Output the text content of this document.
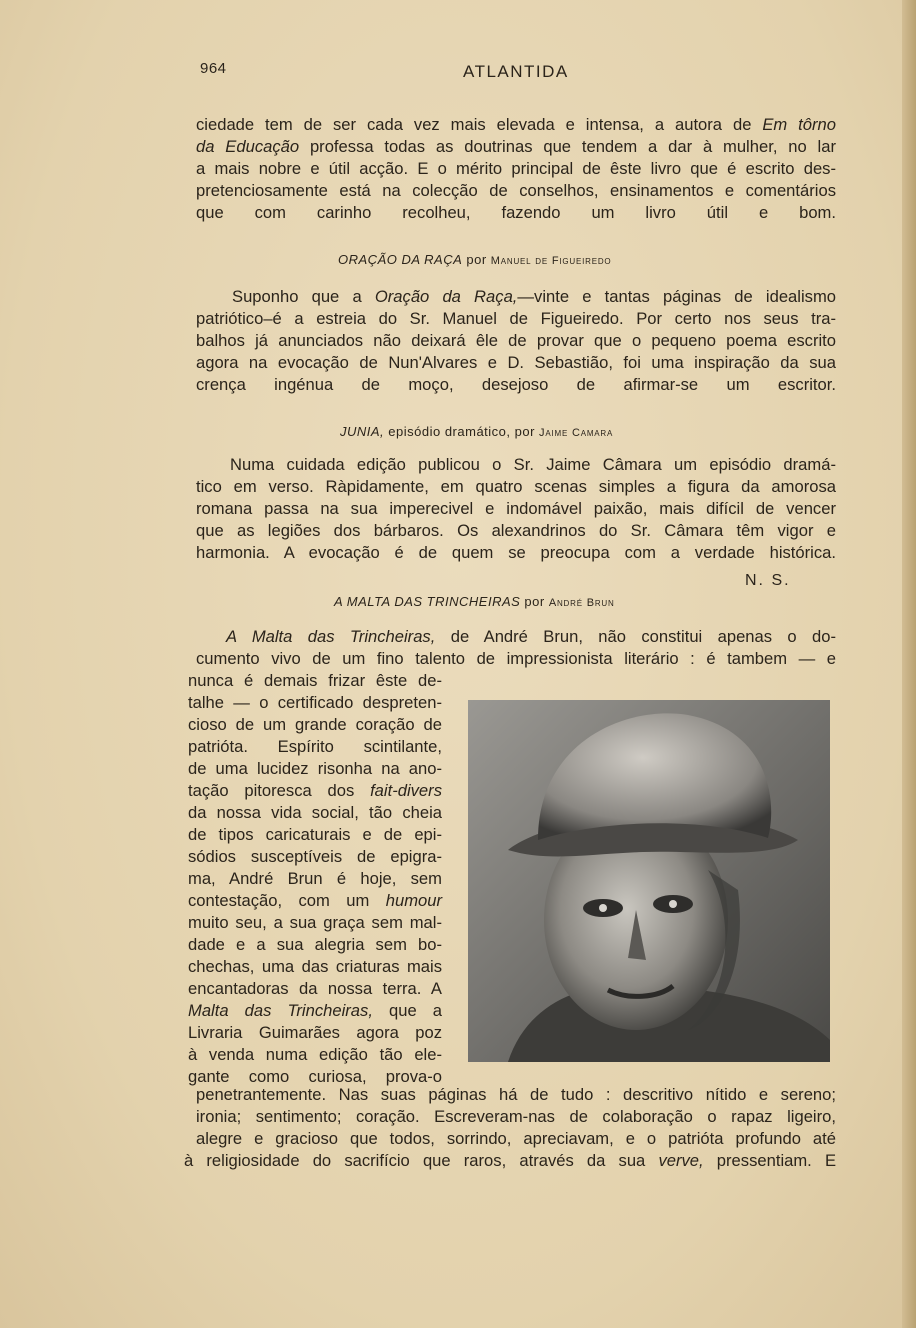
964	ATLANTIDA

ciedade tem de ser cada vez mais elevada e intensa, a autora de Em tôrno
da Educação professa todas as doutrinas que tendem a dar à mulher, no lar
a mais nobre e útil acção. E o mérito principal de êste livro que é escrito des-
pretenciosamente está na colecção de conselhos, ensinamentos e comentários
que com carinho recolheu, fazendo um livro útil e bom.

ORAÇÃO DA RAÇA por Manuel de Figueiredo

Suponho que a Oração da Raça,—vinte e tantas páginas de idealismo
patriótico–é a estreia do Sr. Manuel de Figueiredo. Por certo nos seus tra-
balhos já anunciados não deixará êle de provar que o pequeno poema escrito
agora na evocação de Nun'Alvares e D. Sebastião, foi uma inspiração da sua
crença ingénua de moço, desejoso de afirmar-se um escritor.

JUNIA, episódio dramático, por Jaime Camara

Numa cuidada edição publicou o Sr. Jaime Câmara um episódio dramá-
tico em verso. Ràpidamente, em quatro scenas simples a figura da amorosa
romana passa na sua imperecivel e indomável paixão, mais difícil de vencer
que as legiões dos bárbaros. Os alexandrinos do Sr. Câmara têm vigor e
harmonia. A evocação é de quem se preocupa com a verdade histórica.

N. S.
A MALTA DAS TRINCHEIRAS por André Brun

A Malta das Trincheiras, de André Brun, não constitui apenas o do-
cumento vivo de um fino talento de impressionista literário : é tambem — e

nunca é demais frizar êste de-
talhe — o certificado despreten-
cioso de um grande coração de
patrióta. Espírito scintilante,
de uma lucidez risonha na ano-
tação pitoresca dos fait-divers
da nossa vida social, tão cheia
de tipos caricaturais e de epi-
sódios susceptíveis de epigra-
ma, André Brun é hoje, sem
contestação, com um humour
muito seu, a sua graça sem mal-
dade e a sua alegria sem bo-
chechas, uma das criaturas mais
encantadoras da nossa terra. A
Malta das Trincheiras, que a
Livraria Guimarães agora poz
à venda numa edição tão ele-
gante como curiosa, prova-o

penetrantemente. Nas suas páginas há de tudo : descritivo nítido e sereno;
ironia; sentimento; coração. Escreveram-nas de colaboração o rapaz ligeiro,
alegre e gracioso que todos, sorrindo, apreciavam, e o patrióta profundo até
à religiosidade do sacrifício que raros, através da sua verve, pressentiam. E
